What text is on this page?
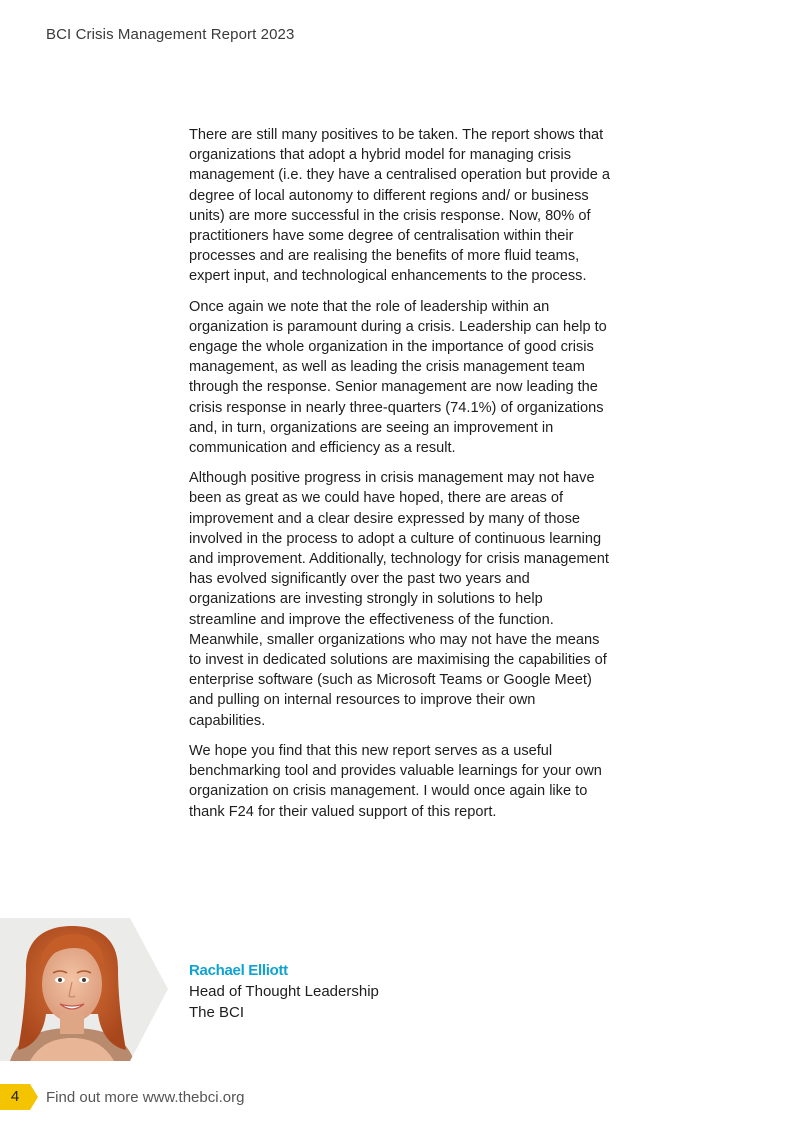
BCI Crisis Management Report 2023

There are still many positives to be taken. The report shows that organizations that adopt a hybrid model for managing crisis management (i.e. they have a centralised operation but provide a degree of local autonomy to different regions and/ or business units) are more successful in the crisis response. Now, 80% of practitioners have some degree of centralisation within their processes and are realising the benefits of more fluid teams, expert input, and technological enhancements to the process.

Once again we note that the role of leadership within an organization is paramount during a crisis. Leadership can help to engage the whole organization in the importance of good crisis management, as well as leading the crisis management team through the response. Senior management are now leading the crisis response in nearly three-quarters (74.1%) of organizations and, in turn, organizations are seeing an improvement in communication and efficiency as a result.

Although positive progress in crisis management may not have been as great as we could have hoped, there are areas of improvement and a clear desire expressed by many of those involved in the process to adopt a culture of continuous learning and improvement. Additionally, technology for crisis management has evolved significantly over the past two years and organizations are investing strongly in solutions to help streamline and improve the effectiveness of the function. Meanwhile, smaller organizations who may not have the means to invest in dedicated solutions are maximising the capabilities of enterprise software (such as Microsoft Teams or Google Meet) and pulling on internal resources to improve their own capabilities.

We hope you find that this new report serves as a useful benchmarking tool and provides valuable learnings for your own organization on crisis management. I would once again like to thank F24 for their valued support of this report.

Rachael Elliott
Head of Thought Leadership
The BCI
4	Find out more www.thebci.org
